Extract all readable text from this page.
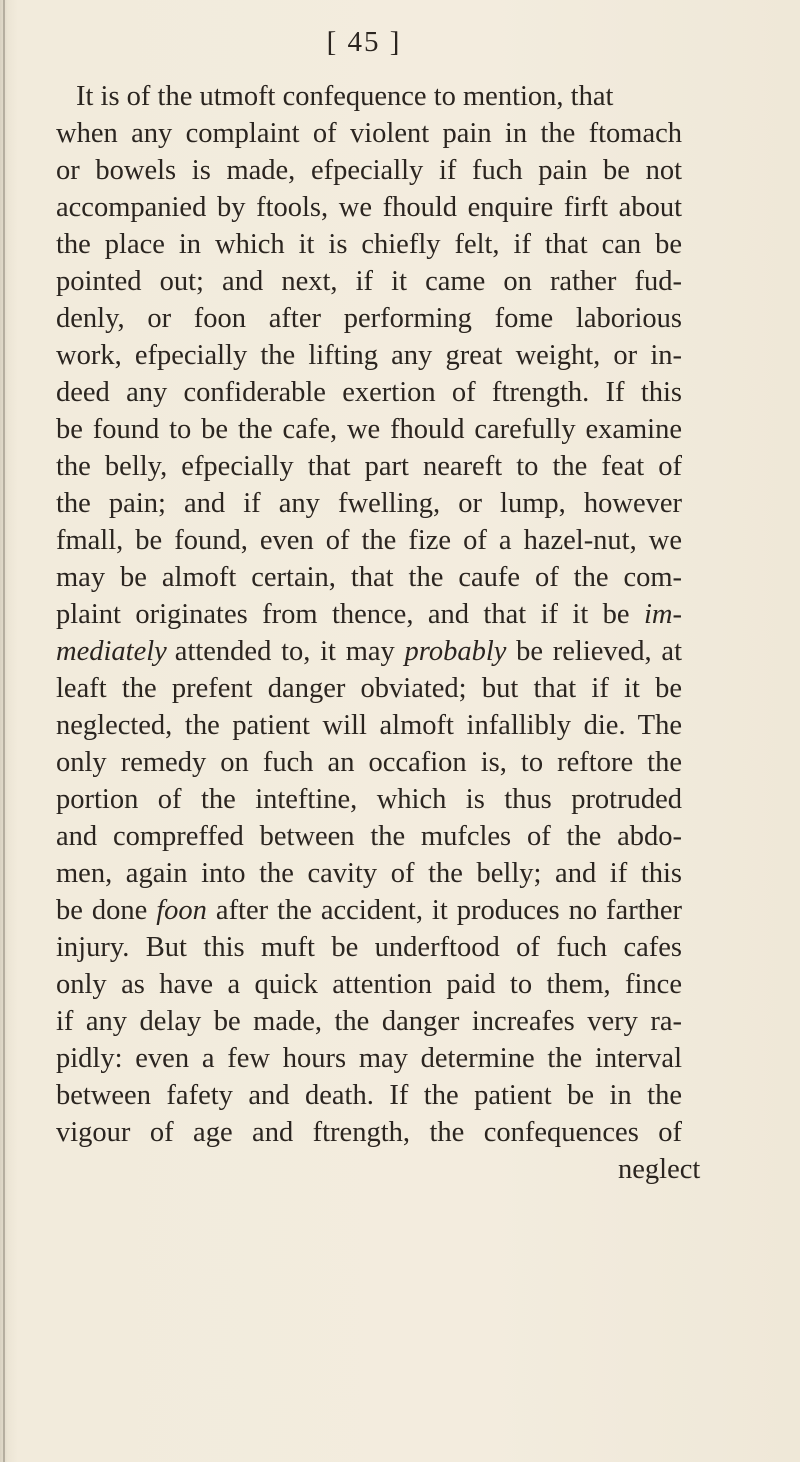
[ 45 ]
It is of the utmoft confequence to mention, that
when any complaint of violent pain in the ftomach
or bowels is made, efpecially if fuch pain be not
accompanied by ftools, we fhould enquire firft about
the place in which it is chiefly felt, if that can be
pointed out; and next, if it came on rather fud-
denly, or foon after performing fome laborious
work, efpecially the lifting any great weight, or in-
deed any confiderable exertion of ftrength. If this
be found to be the cafe, we fhould carefully examine
the belly, efpecially that part neareft to the feat of
the pain; and if any fwelling, or lump, however
fmall, be found, even of the fize of a hazel-nut, we
may be almoft certain, that the caufe of the com-
plaint originates from thence, and that if it be im-
mediately attended to, it may probably be relieved, at
leaft the prefent danger obviated; but that if it be
neglected, the patient will almoft infallibly die. The
only remedy on fuch an occafion is, to reftore the
portion of the inteftine, which is thus protruded
and compreffed between the mufcles of the abdo-
men, again into the cavity of the belly; and if this
be done foon after the accident, it produces no farther
injury. But this muft be underftood of fuch cafes
only as have a quick attention paid to them, fince
if any delay be made, the danger increafes very ra-
pidly: even a few hours may determine the interval
between fafety and death. If the patient be in the
vigour of age and ftrength, the confequences of
neglect
